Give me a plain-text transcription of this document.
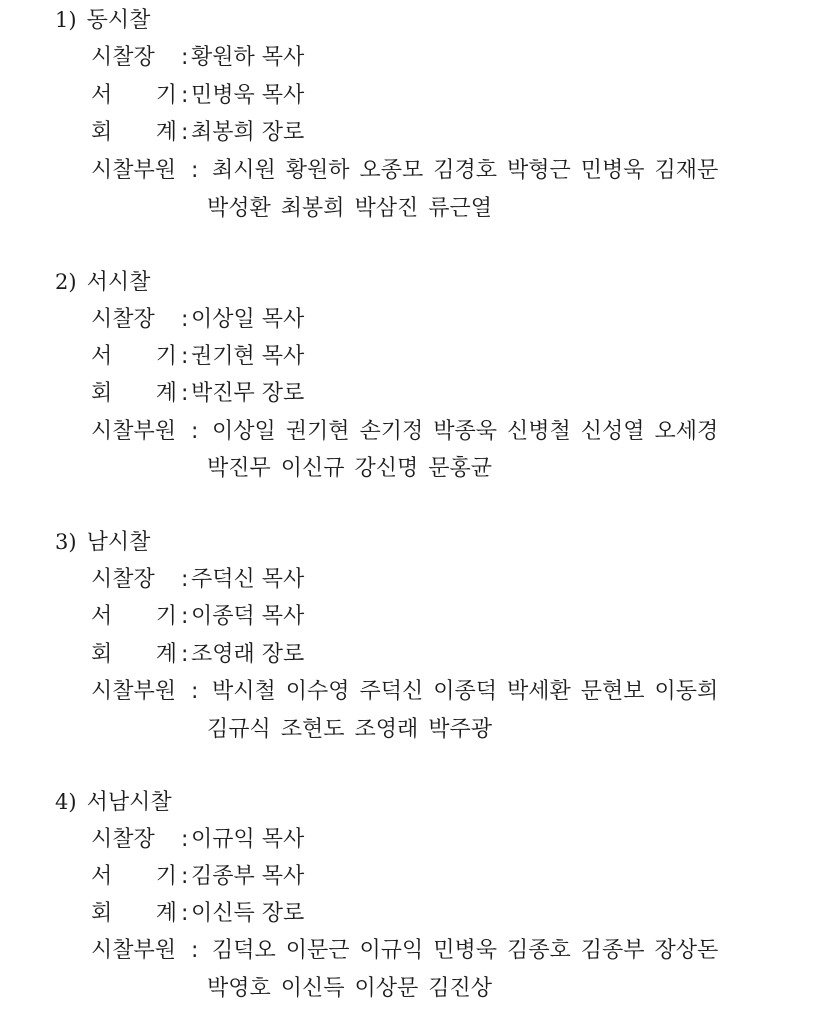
1) 동시찰
시찰장 : 황원하 목사
서 기 : 민병욱 목사
회 계 : 최봉희 장로
시찰부원 : 최시원 황원하 오종모 김경호 박형근 민병욱 김재문
박성환 최봉희 박삼진 류근열
2) 서시찰
시찰장 : 이상일 목사
서 기 : 권기현 목사
회 계 : 박진무 장로
시찰부원 : 이상일 권기현 손기정 박종욱 신병철 신성열 오세경
박진무 이신규 강신명 문홍균
3) 남시찰
시찰장 : 주덕신 목사
서 기 : 이종덕 목사
회 계 : 조영래 장로
시찰부원 : 박시철 이수영 주덕신 이종덕 박세환 문현보 이동희
김규식 조현도 조영래 박주광
4) 서남시찰
시찰장 : 이규익 목사
서 기 : 김종부 목사
회 계 : 이신득 장로
시찰부원 : 김덕오 이문근 이규익 민병욱 김종호 김종부 장상돈
박영호 이신득 이상문 김진상
